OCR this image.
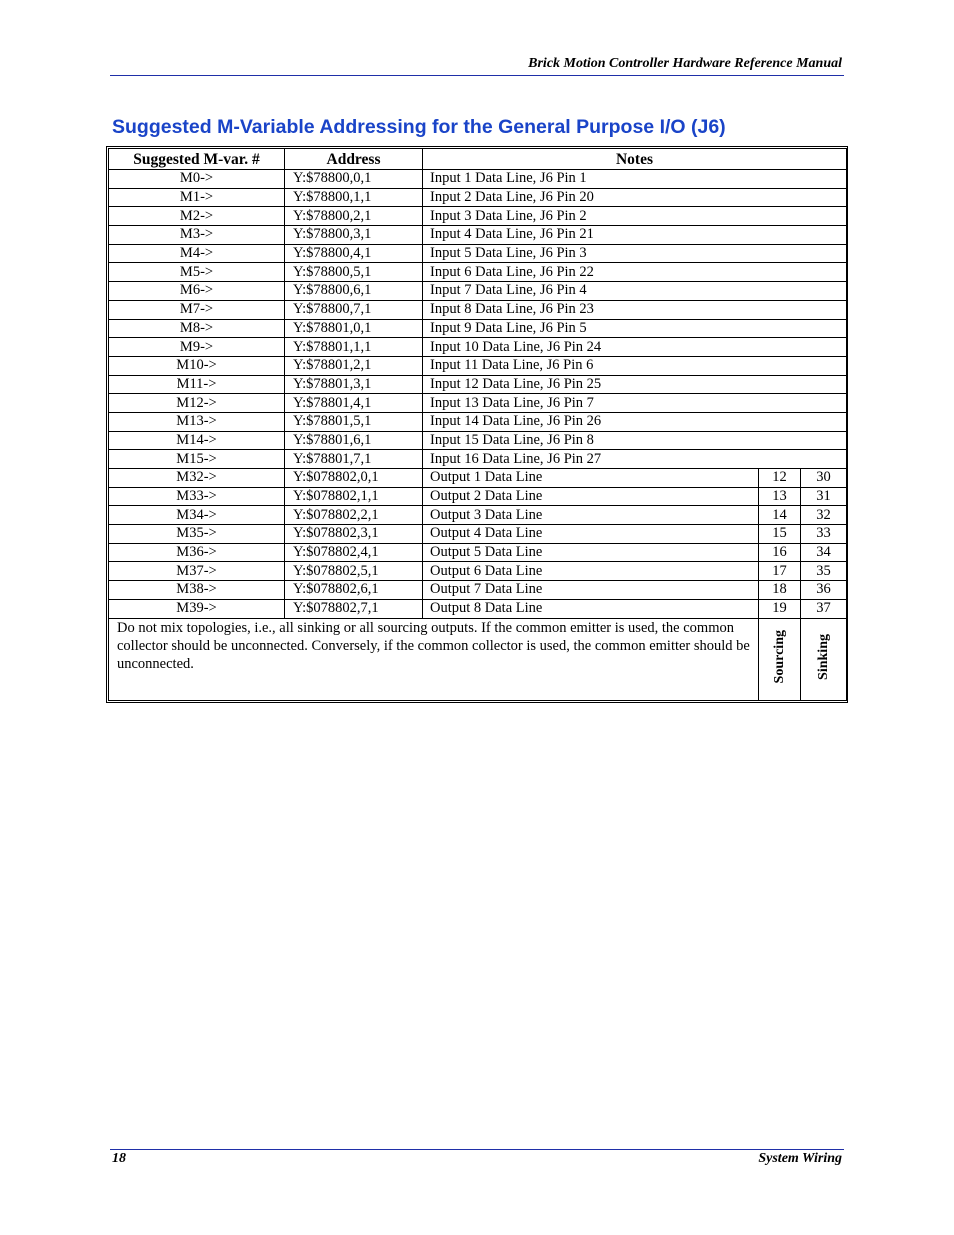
Brick Motion Controller Hardware Reference Manual
Suggested M-Variable Addressing for the General Purpose I/O (J6)
Suggested M-var. #	Address	Notes		
M0->	Y:$78800,0,1	Input 1 Data Line, J6 Pin 1		
M1->	Y:$78800,1,1	Input 2 Data Line, J6 Pin 20		
M2->	Y:$78800,2,1	Input 3 Data Line, J6 Pin 2		
M3->	Y:$78800,3,1	Input 4 Data Line, J6 Pin 21		
M4->	Y:$78800,4,1	Input 5 Data Line, J6 Pin 3		
M5->	Y:$78800,5,1	Input 6 Data Line, J6 Pin 22		
M6->	Y:$78800,6,1	Input 7 Data Line, J6 Pin 4		
M7->	Y:$78800,7,1	Input 8 Data Line, J6 Pin 23		
M8->	Y:$78801,0,1	Input 9 Data Line, J6 Pin 5		
M9->	Y:$78801,1,1	Input 10 Data Line, J6 Pin 24		
M10->	Y:$78801,2,1	Input 11 Data Line, J6 Pin 6		
M11->	Y:$78801,3,1	Input 12 Data Line, J6 Pin 25		
M12->	Y:$78801,4,1	Input 13 Data Line, J6 Pin 7		
M13->	Y:$78801,5,1	Input 14 Data Line, J6 Pin 26		
M14->	Y:$78801,6,1	Input 15 Data Line, J6 Pin 8		
M15->	Y:$78801,7,1	Input 16 Data Line, J6 Pin 27		
M32->	Y:$078802,0,1	Output 1 Data Line	12	30
M33->	Y:$078802,1,1	Output 2 Data Line	13	31
M34->	Y:$078802,2,1	Output 3 Data Line	14	32
M35->	Y:$078802,3,1	Output 4 Data Line	15	33
M36->	Y:$078802,4,1	Output 5 Data Line	16	34
M37->	Y:$078802,5,1	Output 6 Data Line	17	35
M38->	Y:$078802,6,1	Output 7 Data Line	18	36
M39->	Y:$078802,7,1	Output 8 Data Line	19	37
Do not mix topologies, i.e., all sinking or all sourcing outputs. If the common emitter is used, the common collector should be unconnected. Conversely, if the common collector is used, the common emitter should be unconnected.			Sourcing	Sinking
18	System Wiring
